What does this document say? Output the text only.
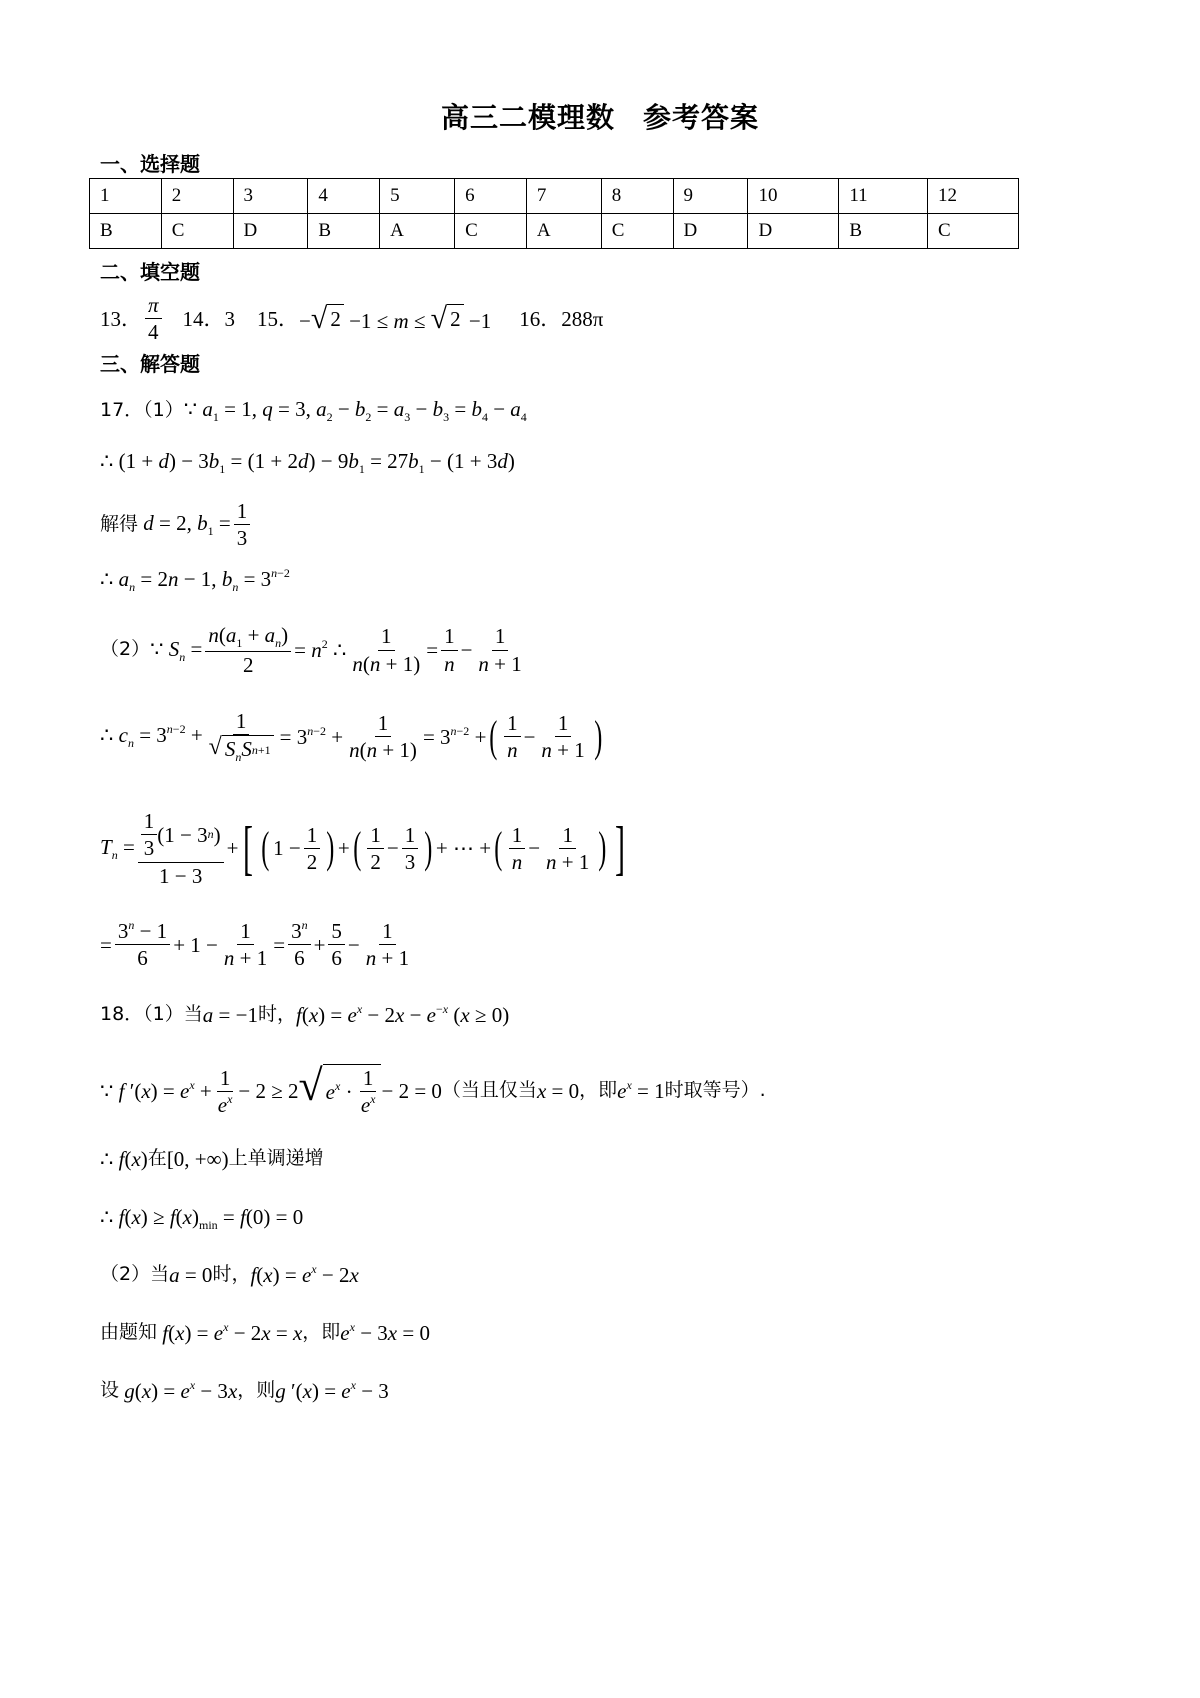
高三二模理数 参考答案
一、选择题
1	2	3	4	5	6	7	8	9	10	11	12
B	C	D	B	A	C	A	C	D	D	B	C
二、填空题
13． $\frac{\pi}{4} 14$．3 15． − √ 2 −1 ≤ m ≤ √ 2 −1 16．288π
三、解答题
17．（1） ∵ $a_1 = 1$, q = 3, $a_2 - b_2 = a_3 - b_3 = b_4 - a_4$
∴ $(1 + d) - 3b_1 = (1 + 2d) - 9b_1 = 27b_1 - (1 + 3d)$
解得 d = 2, $b_1 = \frac{1}{3}$
∴ $a_n = 2n - 1$, $b_n = 3^{n-2}$
（2） ∵ $S_n = \frac{n(a_1 + a_n)}{2} = n^2$ ∴ $\frac{1}{n(n + 1)} = \frac{1}{n} - \frac{1}{n + 1}$
∴ $c_n = 3^{n-2} + \frac{1}{√ S_nS n+1} = 3^{n-2} + \frac{1}{n(n + 1)} = 3^{n-2}$ + ( $\frac{1}{n} - \frac{1}{n + 1}$ )
$T_n = \frac{\frac{1}{3} (1 - 3 n )}{1 - 3}$ + [ ( $1 - \frac{1}{2}$ ) + ( $\frac{1}{2} - \frac{1}{3}$ ) + ⋯ + ( $\frac{1}{n} - \frac{1}{n + 1}$ ) ]
= $\frac{3^n - 1}{6} + 1 - \frac{1}{n + 1} = \frac{3^n}{6} + \frac{5}{6} - \frac{1}{n + 1}$
18．（1）当 a = −1 时， $f(x) = e^x - 2x - e^{-x}$ (x ≥ 0)
∵ f $'(x) = e^x + \frac{1}{e^x} - 2 \ge 2$ √ $e^x \cdot \frac{1}{e^x} - 2 = 0$ （当且仅当 x = 0 ，即 $e^x = 1$ 时取等号）.
∴ f(x) 在 [0, +∞) 上单调递增
∴ $f(x) \ge f(x)_{min} = f(0) = 0$
（2）当 a = 0 时， $f(x) = e^x - 2x$
由题知 $f(x) = e^x - 2x = x$ ，即 $e^x - 3x = 0$
设 $g(x) = e^x - 3x$ ，则 g $'(x) = e^x - 3$
